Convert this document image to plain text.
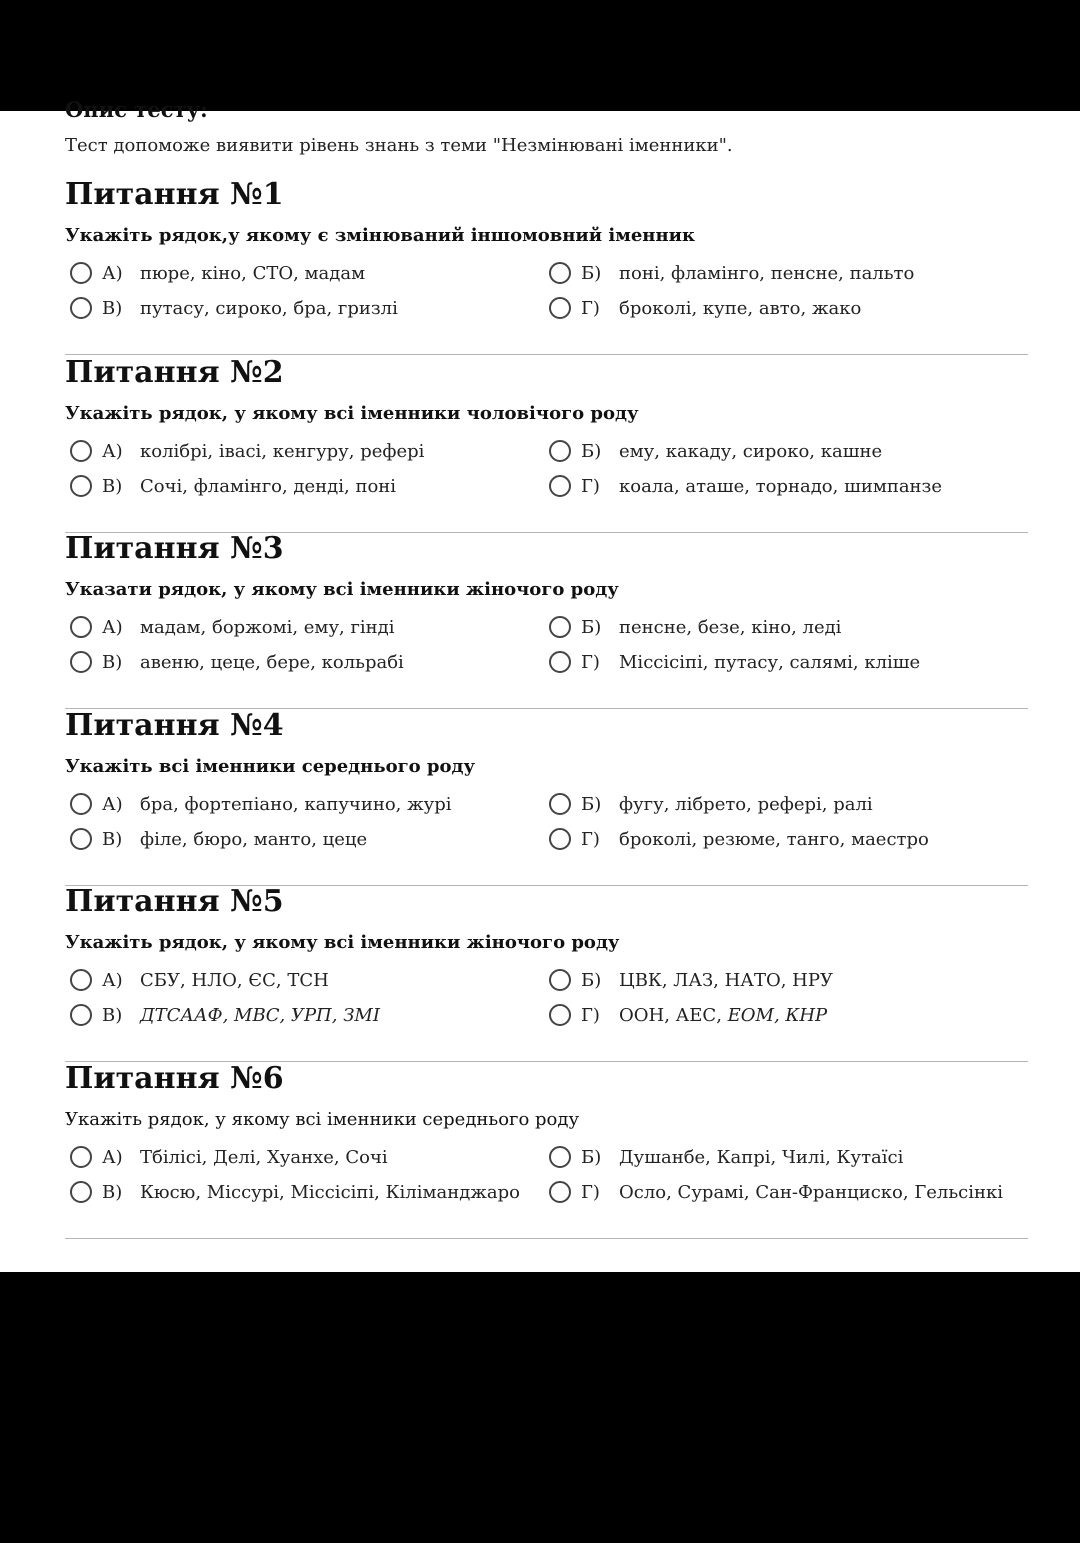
Опис тесту:
Тест допоможе виявити рівень знань з теми "Незмінювані іменники".
Питання №1
Укажіть рядок,у якому є змінюваний іншомовний іменник
А) пюре, кіно, СТО, мадам	Б) поні, фламінго, пенсне, пальто
В) путасу, сироко, бра, гризлі	Г)	броколі, купе, авто, жако
Питання №2
Укажіть рядок, у якому всі іменники чоловічого роду
А) колібрі, івасі, кенгуру, рефері	Б) ему, какаду, сироко, кашне
В) Сочі, фламінго, денді, поні	Г)	коала, аташе, торнадо, шимпанзе
Питання №3
Указати рядок, у якому всі іменники жіночого роду
А) мадам, боржомі, ему, гінді	Б) пенсне, безе, кіно, леді
В) авеню, цеце, бере, кольрабі	Г)	Міссісіпі, путасу, салямі, кліше
Питання №4
Укажіть всі іменники середнього роду
А) бра, фортепіано, капучино, журі	Б) фугу, лібрето, рефері, ралі
В) філе, бюро, манто, цеце	Г)	броколі, резюме, танго, маестро
Питання №5
Укажіть рядок, у якому всі іменники жіночого роду
А) СБУ, НЛО, ЄС, ТСН	Б) ЦВК, ЛАЗ, НАТО, НРУ
В) ДТСААФ, МВС, УРП, ЗМІ	Г)	ООН, АЕС, ЕОМ, КНР
Питання №6
Укажіть рядок, у якому всі іменники середнього роду
А) Тбілісі, Делі, Хуанхе, Сочі	Б) Душанбе, Капрі, Чилі, Кутаїсі
В) Кюсю, Міссурі, Міссісіпі, Кіліманджаро	Г)	Осло, Сурамі, Сан-Франциско, Гельсінкі
